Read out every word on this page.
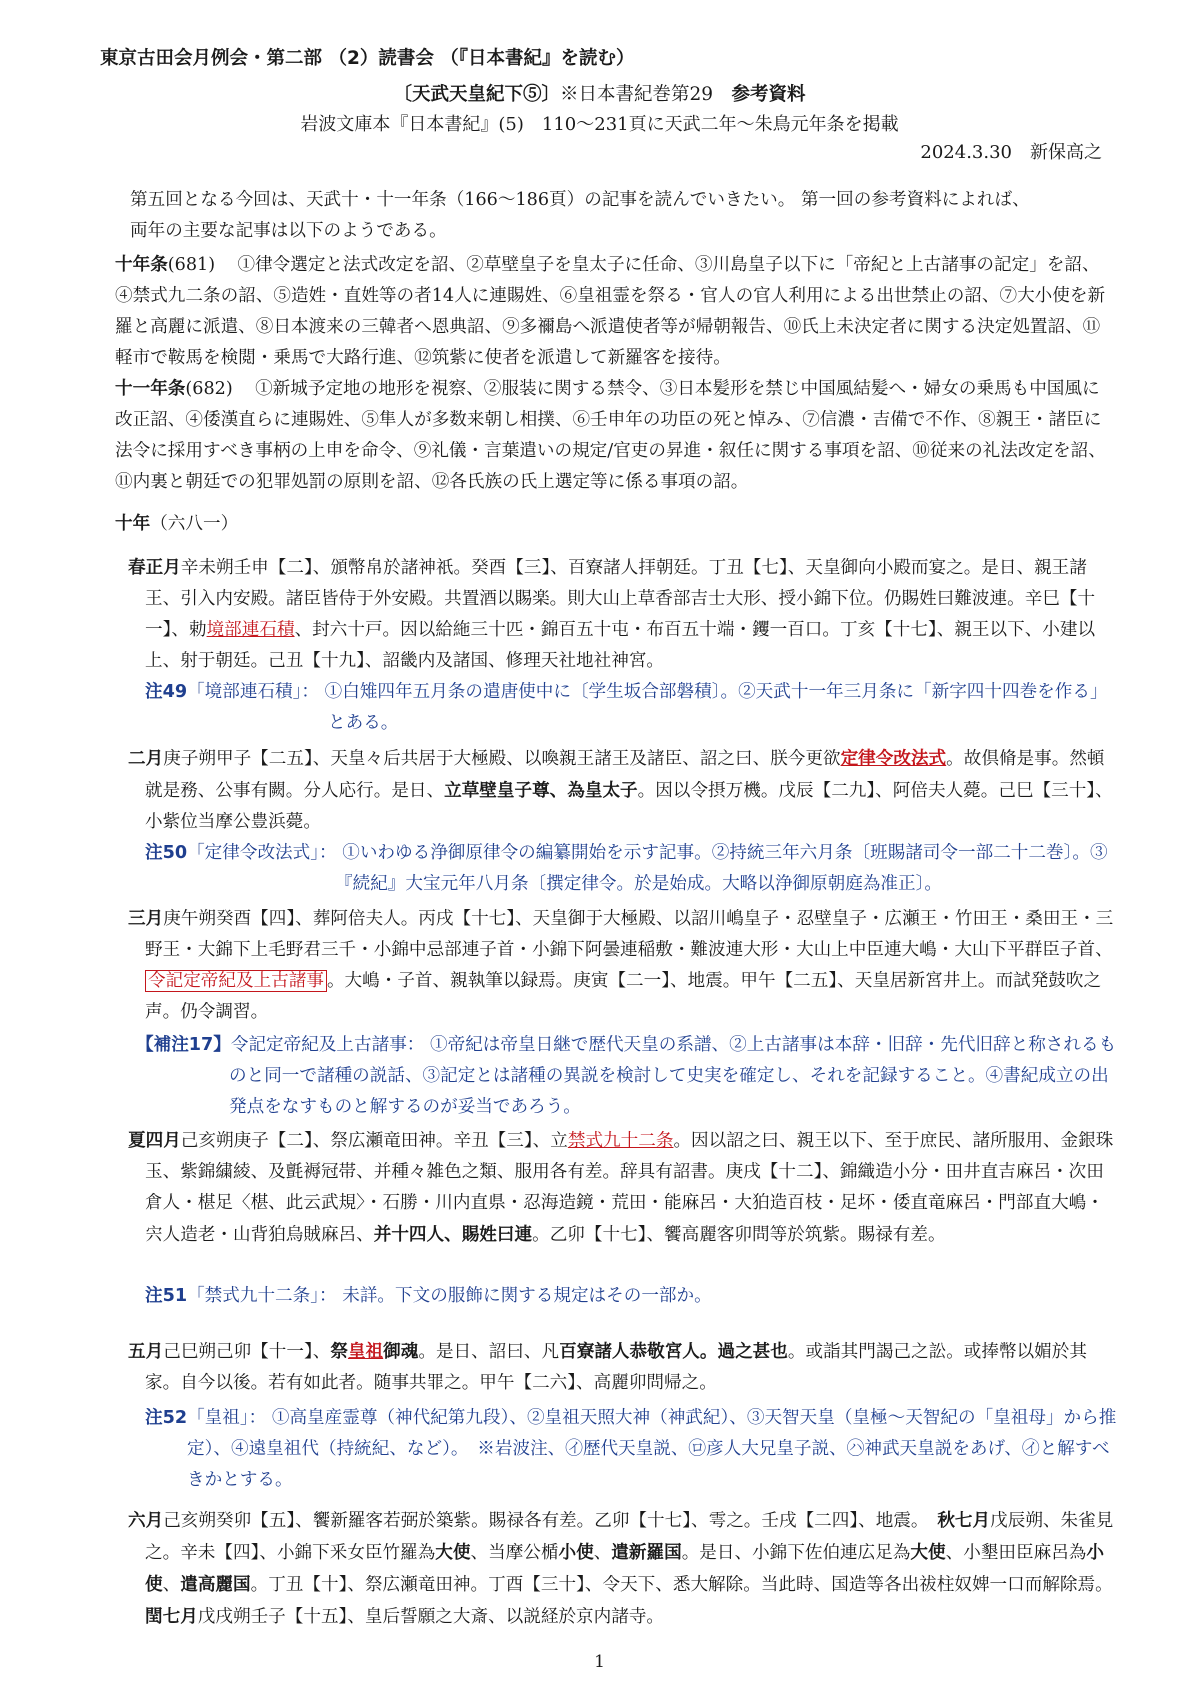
東京古田会月例会・第二部 （2）読書会 （『日本書紀』を読む）
〔天武天皇紀下⑤〕※日本書紀巻第29　参考資料
岩波文庫本『日本書紀』(5)　110〜231頁に天武二年〜朱鳥元年条を掲載
2024.3.30　新保高之

第五回となる今回は、天武十・十一年条（166〜186頁）の記事を読んでいきたい。 第一回の参考資料によれば、

両年の主要な記事は以下のようである。

十年条(681) ①律令選定と法式改定を詔、②草壁皇子を皇太子に任命、③川島皇子以下に「帝紀と上古諸事の記定」を詔、④禁式九二条の詔、⑤造姓・直姓等の者14人に連賜姓、⑥皇祖霊を祭る・官人の官人利用による出世禁止の詔、⑦大小使を新羅と高麗に派遣、⑧日本渡来の三韓者へ恩典詔、⑨多禰島へ派遣使者等が帰朝報告、⑩氏上未決定者に関する決定処置詔、⑪軽市で鞍馬を検閲・乗馬で大路行進、⑫筑紫に使者を派遣して新羅客を接待。
十一年条(682) ①新城予定地の地形を視察、②服装に関する禁令、③日本髪形を禁じ中国風結髪へ・婦女の乗馬も中国風に改正詔、④倭漢直らに連賜姓、⑤隼人が多数来朝し相撲、⑥壬申年の功臣の死と悼み、⑦信濃・吉備で不作、⑧親王・諸臣に法令に採用すべき事柄の上申を命令、⑨礼儀・言葉遣いの規定/官吏の昇進・叙任に関する事項を詔、⑩従来の礼法改定を詔、⑪内裏と朝廷での犯罪処罰の原則を詔、⑫各氏族の氏上選定等に係る事項の詔。
十年（六八一）
春正月辛未朔壬申【二】、頒幣帛於諸神祇。癸酉【三】、百寮諸人拝朝廷。丁丑【七】、天皇御向小殿而宴之。是日、親王諸王、引入内安殿。諸臣皆侍于外安殿。共置酒以賜楽。則大山上草香部吉士大形、授小錦下位。仍賜姓曰難波連。辛巳【十一】、勅境部連石積、封六十戸。因以給絁三十匹・錦百五十屯・布百五十端・钁一百口。丁亥【十七】、親王以下、小建以上、射于朝廷。己丑【十九】、詔畿内及諸国、修理天社地社神宮。
注49「境部連石積」： ①白雉四年五月条の遣唐使中に〔学生坂合部磐積〕。②天武十一年三月条に「新字四十四巻を作る」とある。
二月庚子朔甲子【二五】、天皇々后共居于大極殿、以喚親王諸王及諸臣、詔之曰、朕今更欲定律令改法式。故倶脩是事。然頓就是務、公事有闕。分人応行。是日、立草壁皇子尊、為皇太子。因以令摂万機。戊辰【二九】、阿倍夫人薨。己巳【三十】、小紫位当摩公豊浜薨。
注50「定律令改法式」： ①いわゆる浄御原律令の編纂開始を示す記事。②持統三年六月条〔班賜諸司令一部二十二巻〕。③『続紀』大宝元年八月条〔撰定律令。於是始成。大略以浄御原朝庭為准正〕。
三月庚午朔癸酉【四】、葬阿倍夫人。丙戌【十七】、天皇御于大極殿、以詔川嶋皇子・忍壁皇子・広瀬王・竹田王・桑田王・三野王・大錦下上毛野君三千・小錦中忌部連子首・小錦下阿曇連稲敷・難波連大形・大山上中臣連大嶋・大山下平群臣子首、令記定帝紀及上古諸事 。大嶋・子首、親執筆以録焉。庚寅【二一】、地震。甲午【二五】、天皇居新宮井上。而試発鼓吹之声。仍令調習。
【補注17】令記定帝紀及上古諸事： ①帝紀は帝皇日継で歴代天皇の系譜、②上古諸事は本辞・旧辞・先代旧辞と称されるものと同一で諸種の説話、③記定とは諸種の異説を検討して史実を確定し、それを記録すること。④書紀成立の出発点をなすものと解するのが妥当であろう。
夏四月己亥朔庚子【二】、祭広瀬竜田神。辛丑【三】、立禁式九十二条。因以詔之曰、親王以下、至于庶民、諸所服用、金銀珠玉、紫錦繍綾、及氈褥冠帯、并種々雑色之類、服用各有差。辞具有詔書。庚戌【十二】、錦織造小分・田井直吉麻呂・次田倉人・椹足〈椹、此云武規〉・石勝・川内直県・忍海造鏡・荒田・能麻呂・大狛造百枝・足坏・倭直竜麻呂・門部直大嶋・宍人造老・山背狛烏賊麻呂、并十四人、賜姓曰連。乙卯【十七】、饗高麗客卯問等於筑紫。賜禄有差。
注51「禁式九十二条」： 未詳。下文の服飾に関する規定はその一部か。
五月己巳朔己卯【十一】、祭皇祖御魂。是日、詔曰、凡百寮諸人恭敬宮人。過之甚也。或詣其門謁己之訟。或捧幣以媚於其家。自今以後。若有如此者。随事共罪之。甲午【二六】、高麗卯問帰之。
注52「皇祖」： ①高皇産霊尊（神代紀第九段）、②皇祖天照大神（神武紀）、③天智天皇（皇極〜天智紀の「皇祖母」から推定）、④遠皇祖代（持統紀、など）。　※岩波注、㋑歴代天皇説、㋺彦人大兄皇子説、㋩神武天皇説をあげ、㋑と解すべきかとする。
六月己亥朔癸卯【五】、饗新羅客若弼於築紫。賜禄各有差。乙卯【十七】、雩之。壬戌【二四】、地震。　秋七月戊辰朔、朱雀見之。辛未【四】、小錦下釆女臣竹羅為大使、当摩公楯小使、遣新羅国。是日、小錦下佐伯連広足為大使、小墾田臣麻呂為小使、遣高麗国。丁丑【十】、祭広瀬竜田神。丁酉【三十】、令天下、悉大解除。当此時、国造等各出祓柱奴婢一口而解除焉。　閏七月戊戌朔壬子【十五】、皇后誓願之大斎、以説経於京内諸寺。
1
